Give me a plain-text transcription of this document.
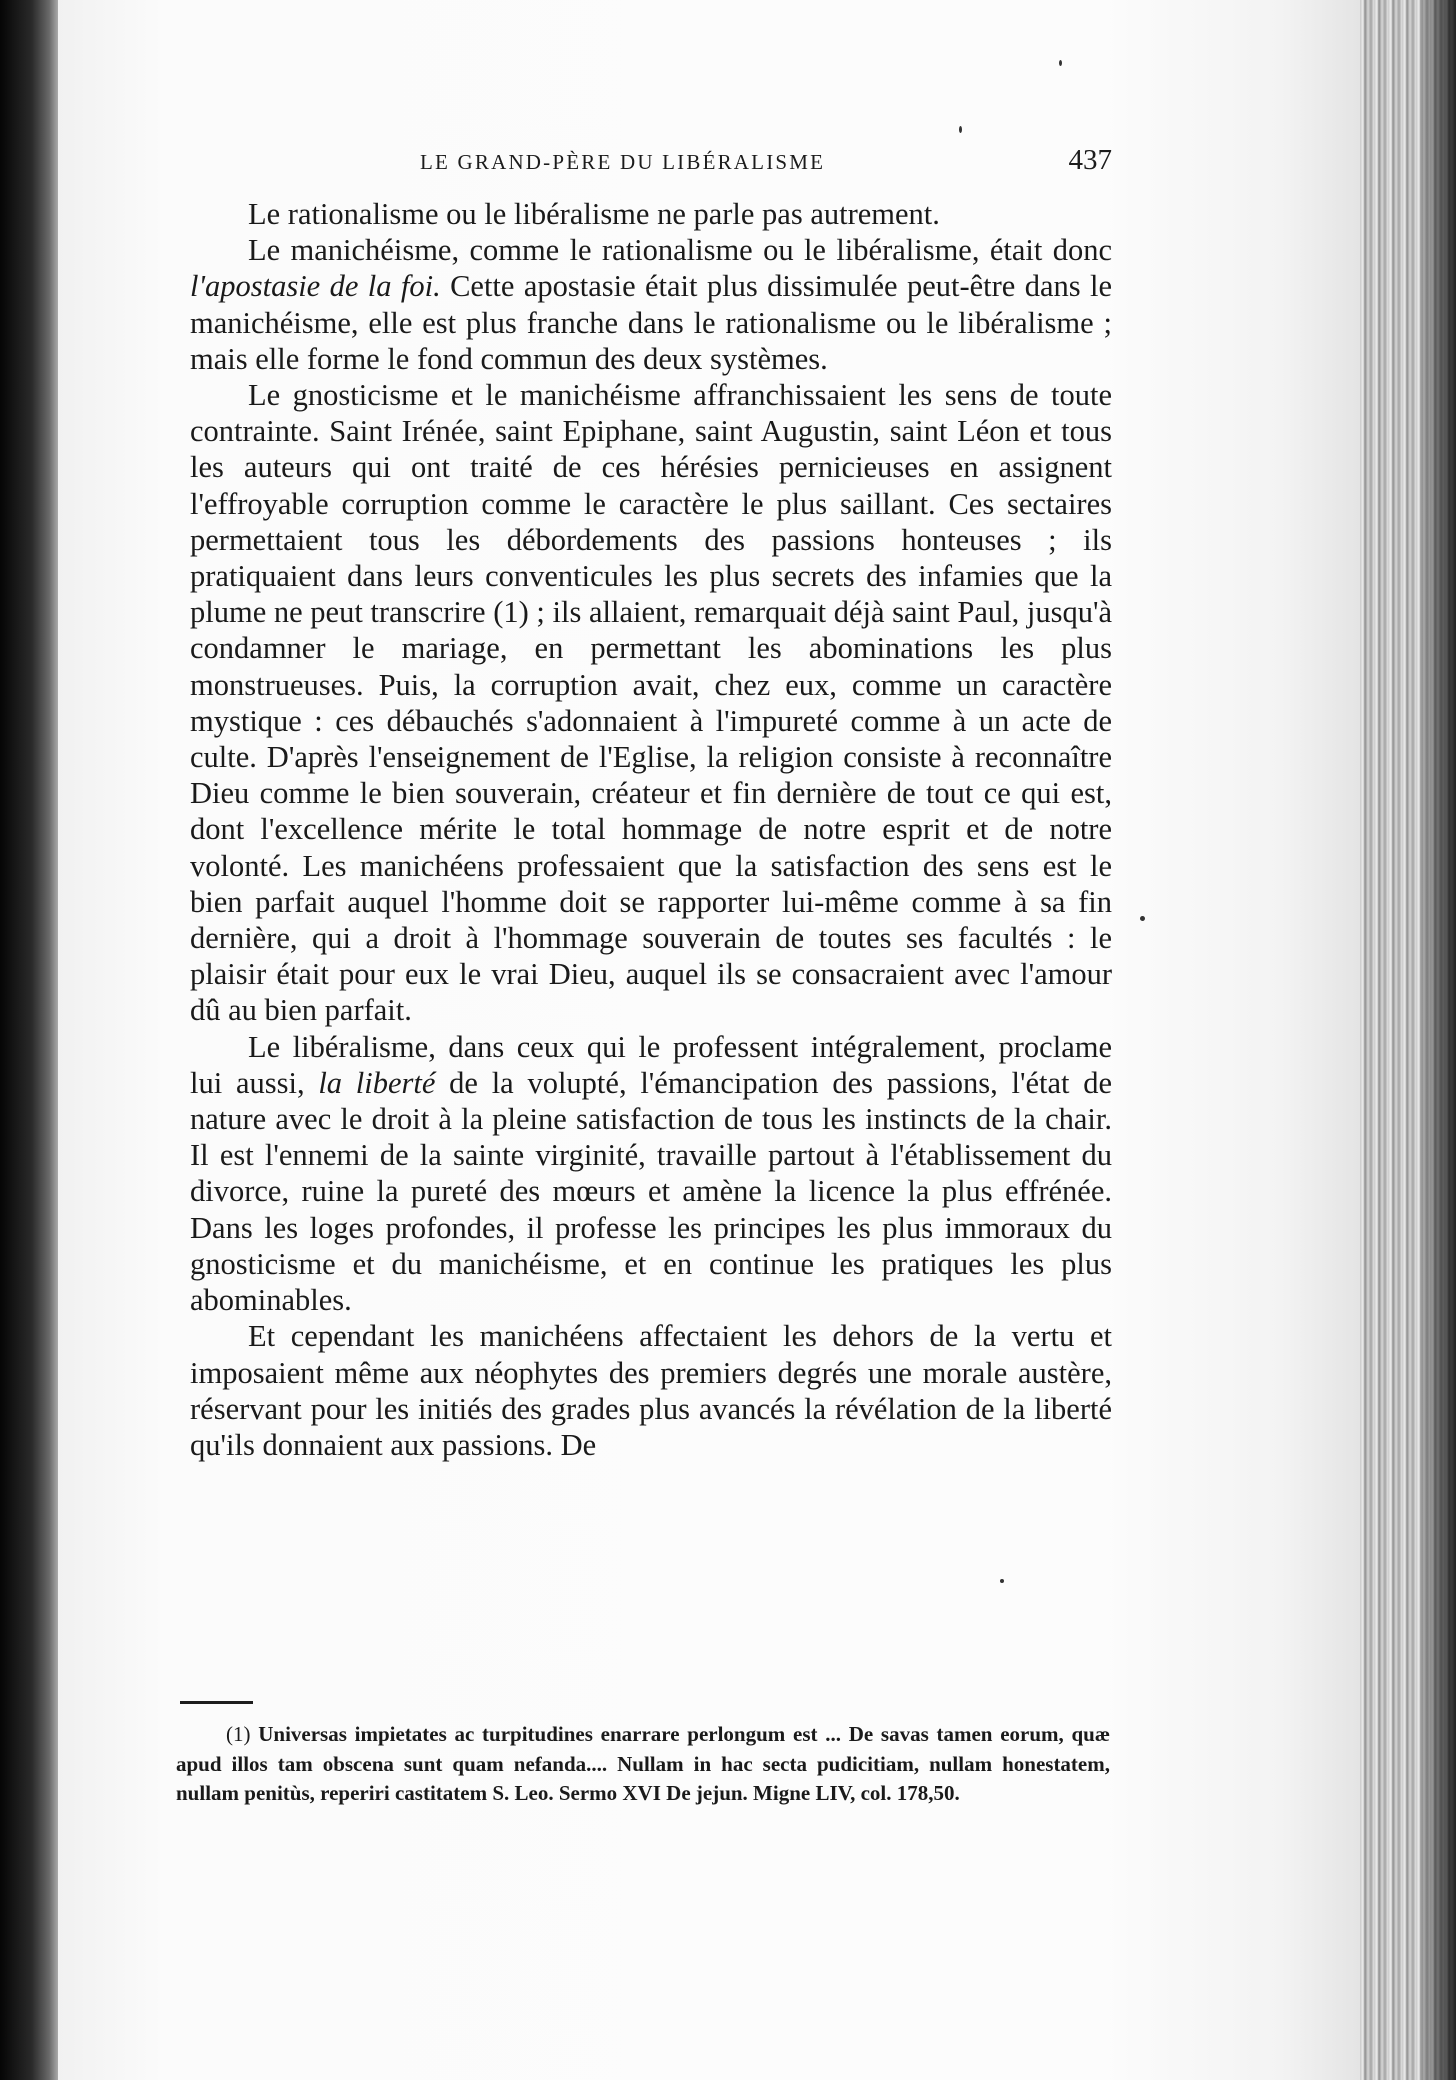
LE GRAND-PÈRE DU LIBÉRALISME	437

Le rationalisme ou le libéralisme ne parle pas autrement.

Le manichéisme, comme le rationalisme ou le libéralisme, était donc l'apostasie de la foi. Cette apostasie était plus dissimulée peut-être dans le manichéisme, elle est plus franche dans le rationalisme ou le libéralisme ; mais elle forme le fond commun des deux systèmes.

Le gnosticisme et le manichéisme affranchissaient les sens de toute contrainte. Saint Irénée, saint Epiphane, saint Augustin, saint Léon et tous les auteurs qui ont traité de ces hérésies pernicieuses en assignent l'effroyable corruption comme le caractère le plus saillant. Ces sectaires permettaient tous les débordements des passions honteuses ; ils pratiquaient dans leurs conventicules les plus secrets des infamies que la plume ne peut transcrire (1) ; ils allaient, remarquait déjà saint Paul, jusqu'à condamner le mariage, en permettant les abominations les plus monstrueuses. Puis, la corruption avait, chez eux, comme un caractère mystique : ces débauchés s'adonnaient à l'impureté comme à un acte de culte. D'après l'enseignement de l'Eglise, la religion consiste à reconnaître Dieu comme le bien souverain, créateur et fin dernière de tout ce qui est, dont l'excellence mérite le total hommage de notre esprit et de notre volonté. Les manichéens professaient que la satisfaction des sens est le bien parfait auquel l'homme doit se rapporter lui-même comme à sa fin dernière, qui a droit à l'hommage souverain de toutes ses facultés : le plaisir était pour eux le vrai Dieu, auquel ils se consacraient avec l'amour dû au bien parfait.

Le libéralisme, dans ceux qui le professent intégralement, proclame lui aussi, la liberté de la volupté, l'émancipation des passions, l'état de nature avec le droit à la pleine satisfaction de tous les instincts de la chair. Il est l'ennemi de la sainte virginité, travaille partout à l'établissement du divorce, ruine la pureté des mœurs et amène la licence la plus effrénée. Dans les loges profondes, il professe les principes les plus immoraux du gnosticisme et du manichéisme, et en continue les pratiques les plus abominables.

Et cependant les manichéens affectaient les dehors de la vertu et imposaient même aux néophytes des premiers degrés une morale austère, réservant pour les initiés des grades plus avancés la révélation de la liberté qu'ils donnaient aux passions. De

(1) Universas impietates ac turpitudines enarrare perlongum est ... De savas tamen eorum, quæ apud illos tam obscena sunt quam nefanda.... Nullam in hac secta pudicitiam, nullam honestatem, nullam penitùs, reperiri castitatem S. Leo. Sermo XVI De jejun. Migne LIV, col. 178,50.
